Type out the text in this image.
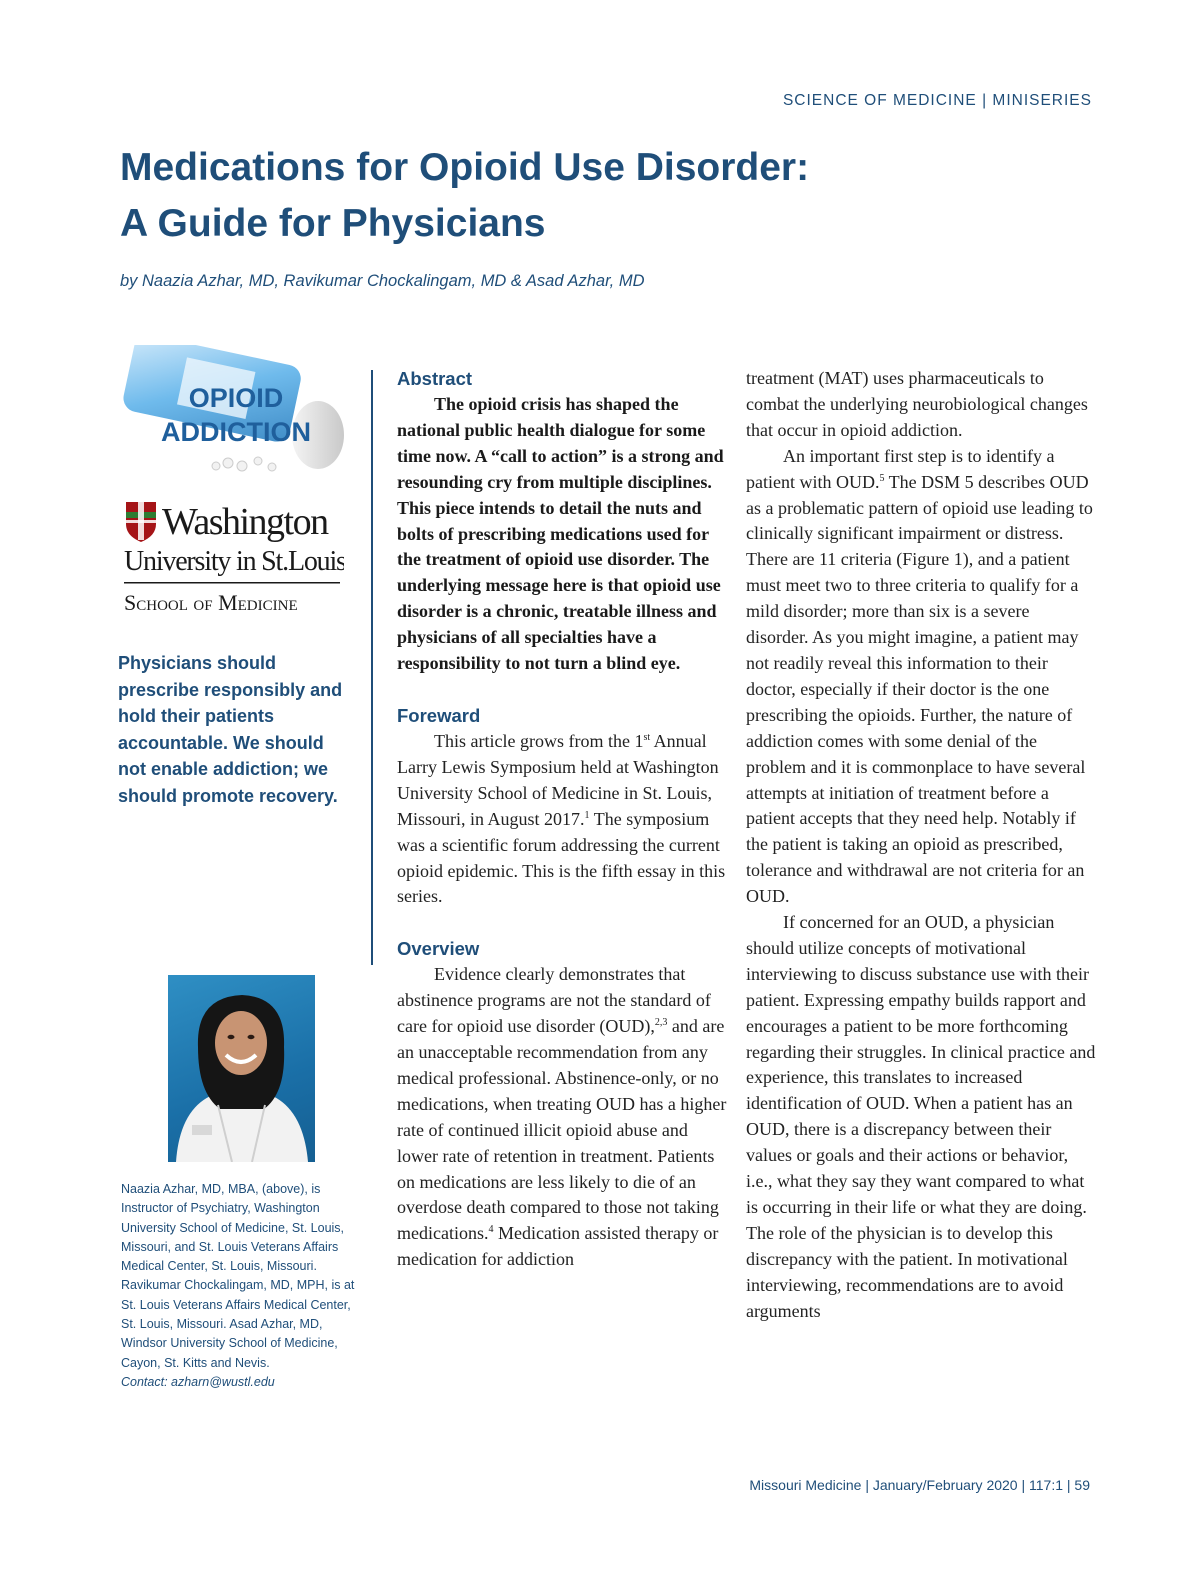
SCIENCE OF MEDICINE | MINISERIES
Medications for Opioid Use Disorder:
A Guide for Physicians
by Naazia Azhar, MD, Ravikumar Chockalingam, MD & Asad Azhar, MD
OPIOID
ADDICTION
Washington
University in St.Louis
School of Medicine

Physicians should prescribe responsibly and hold their patients accountable. We should not enable addiction; we should promote recovery.

Naazia Azhar, MD, MBA, (above), is Instructor of Psychiatry, Washington University School of Medicine, St. Louis, Missouri, and St. Louis Veterans Affairs Medical Center, St. Louis, Missouri. Ravikumar Chockalingam, MD, MPH, is at St. Louis Veterans Affairs Medical Center, St. Louis, Missouri. Asad Azhar, MD, Windsor University School of Medicine, Cayon, St. Kitts and Nevis.
Contact: azharn@wustl.edu

Abstract

The opioid crisis has shaped the national public health dialogue for some time now. A “call to action” is a strong and resounding cry from multiple disciplines. This piece intends to detail the nuts and bolts of prescribing medications used for the treatment of opioid use disorder. The underlying message here is that opioid use disorder is a chronic, treatable illness and physicians of all specialties have a responsibility to not turn a blind eye.

Foreward

This article grows from the 1st Annual Larry Lewis Symposium held at Washington University School of Medicine in St. Louis, Missouri, in August 2017.$^1$ The symposium was a scientific forum addressing the current opioid epidemic. This is the fifth essay in this series.

Overview

Evidence clearly demonstrates that abstinence programs are not the standard of care for opioid use disorder (OUD),$^{2,3}$ and are an unacceptable recommendation from any medical professional. Abstinence-only, or no medications, when treating OUD has a higher rate of continued illicit opioid abuse and lower rate of retention in treatment. Patients on medications are less likely to die of an overdose death compared to those not taking medications.$^4$ Medication assisted therapy or medication for addiction

treatment (MAT) uses pharmaceuticals to combat the underlying neurobiological changes that occur in opioid addiction.

An important first step is to identify a patient with OUD.$^5$ The DSM 5 describes OUD as a problematic pattern of opioid use leading to clinically significant impairment or distress. There are 11 criteria (Figure 1), and a patient must meet two to three criteria to qualify for a mild disorder; more than six is a severe disorder. As you might imagine, a patient may not readily reveal this information to their doctor, especially if their doctor is the one prescribing the opioids. Further, the nature of addiction comes with some denial of the problem and it is commonplace to have several attempts at initiation of treatment before a patient accepts that they need help. Notably if the patient is taking an opioid as prescribed, tolerance and withdrawal are not criteria for an OUD.

If concerned for an OUD, a physician should utilize concepts of motivational interviewing to discuss substance use with their patient. Expressing empathy builds rapport and encourages a patient to be more forthcoming regarding their struggles. In clinical practice and experience, this translates to increased identification of OUD. When a patient has an OUD, there is a discrepancy between their values or goals and their actions or behavior, i.e., what they say they want compared to what is occurring in their life or what they are doing. The role of the physician is to develop this discrepancy with the patient. In motivational interviewing, recommendations are to avoid arguments

Missouri Medicine | January/February 2020 | 117:1 | 59
